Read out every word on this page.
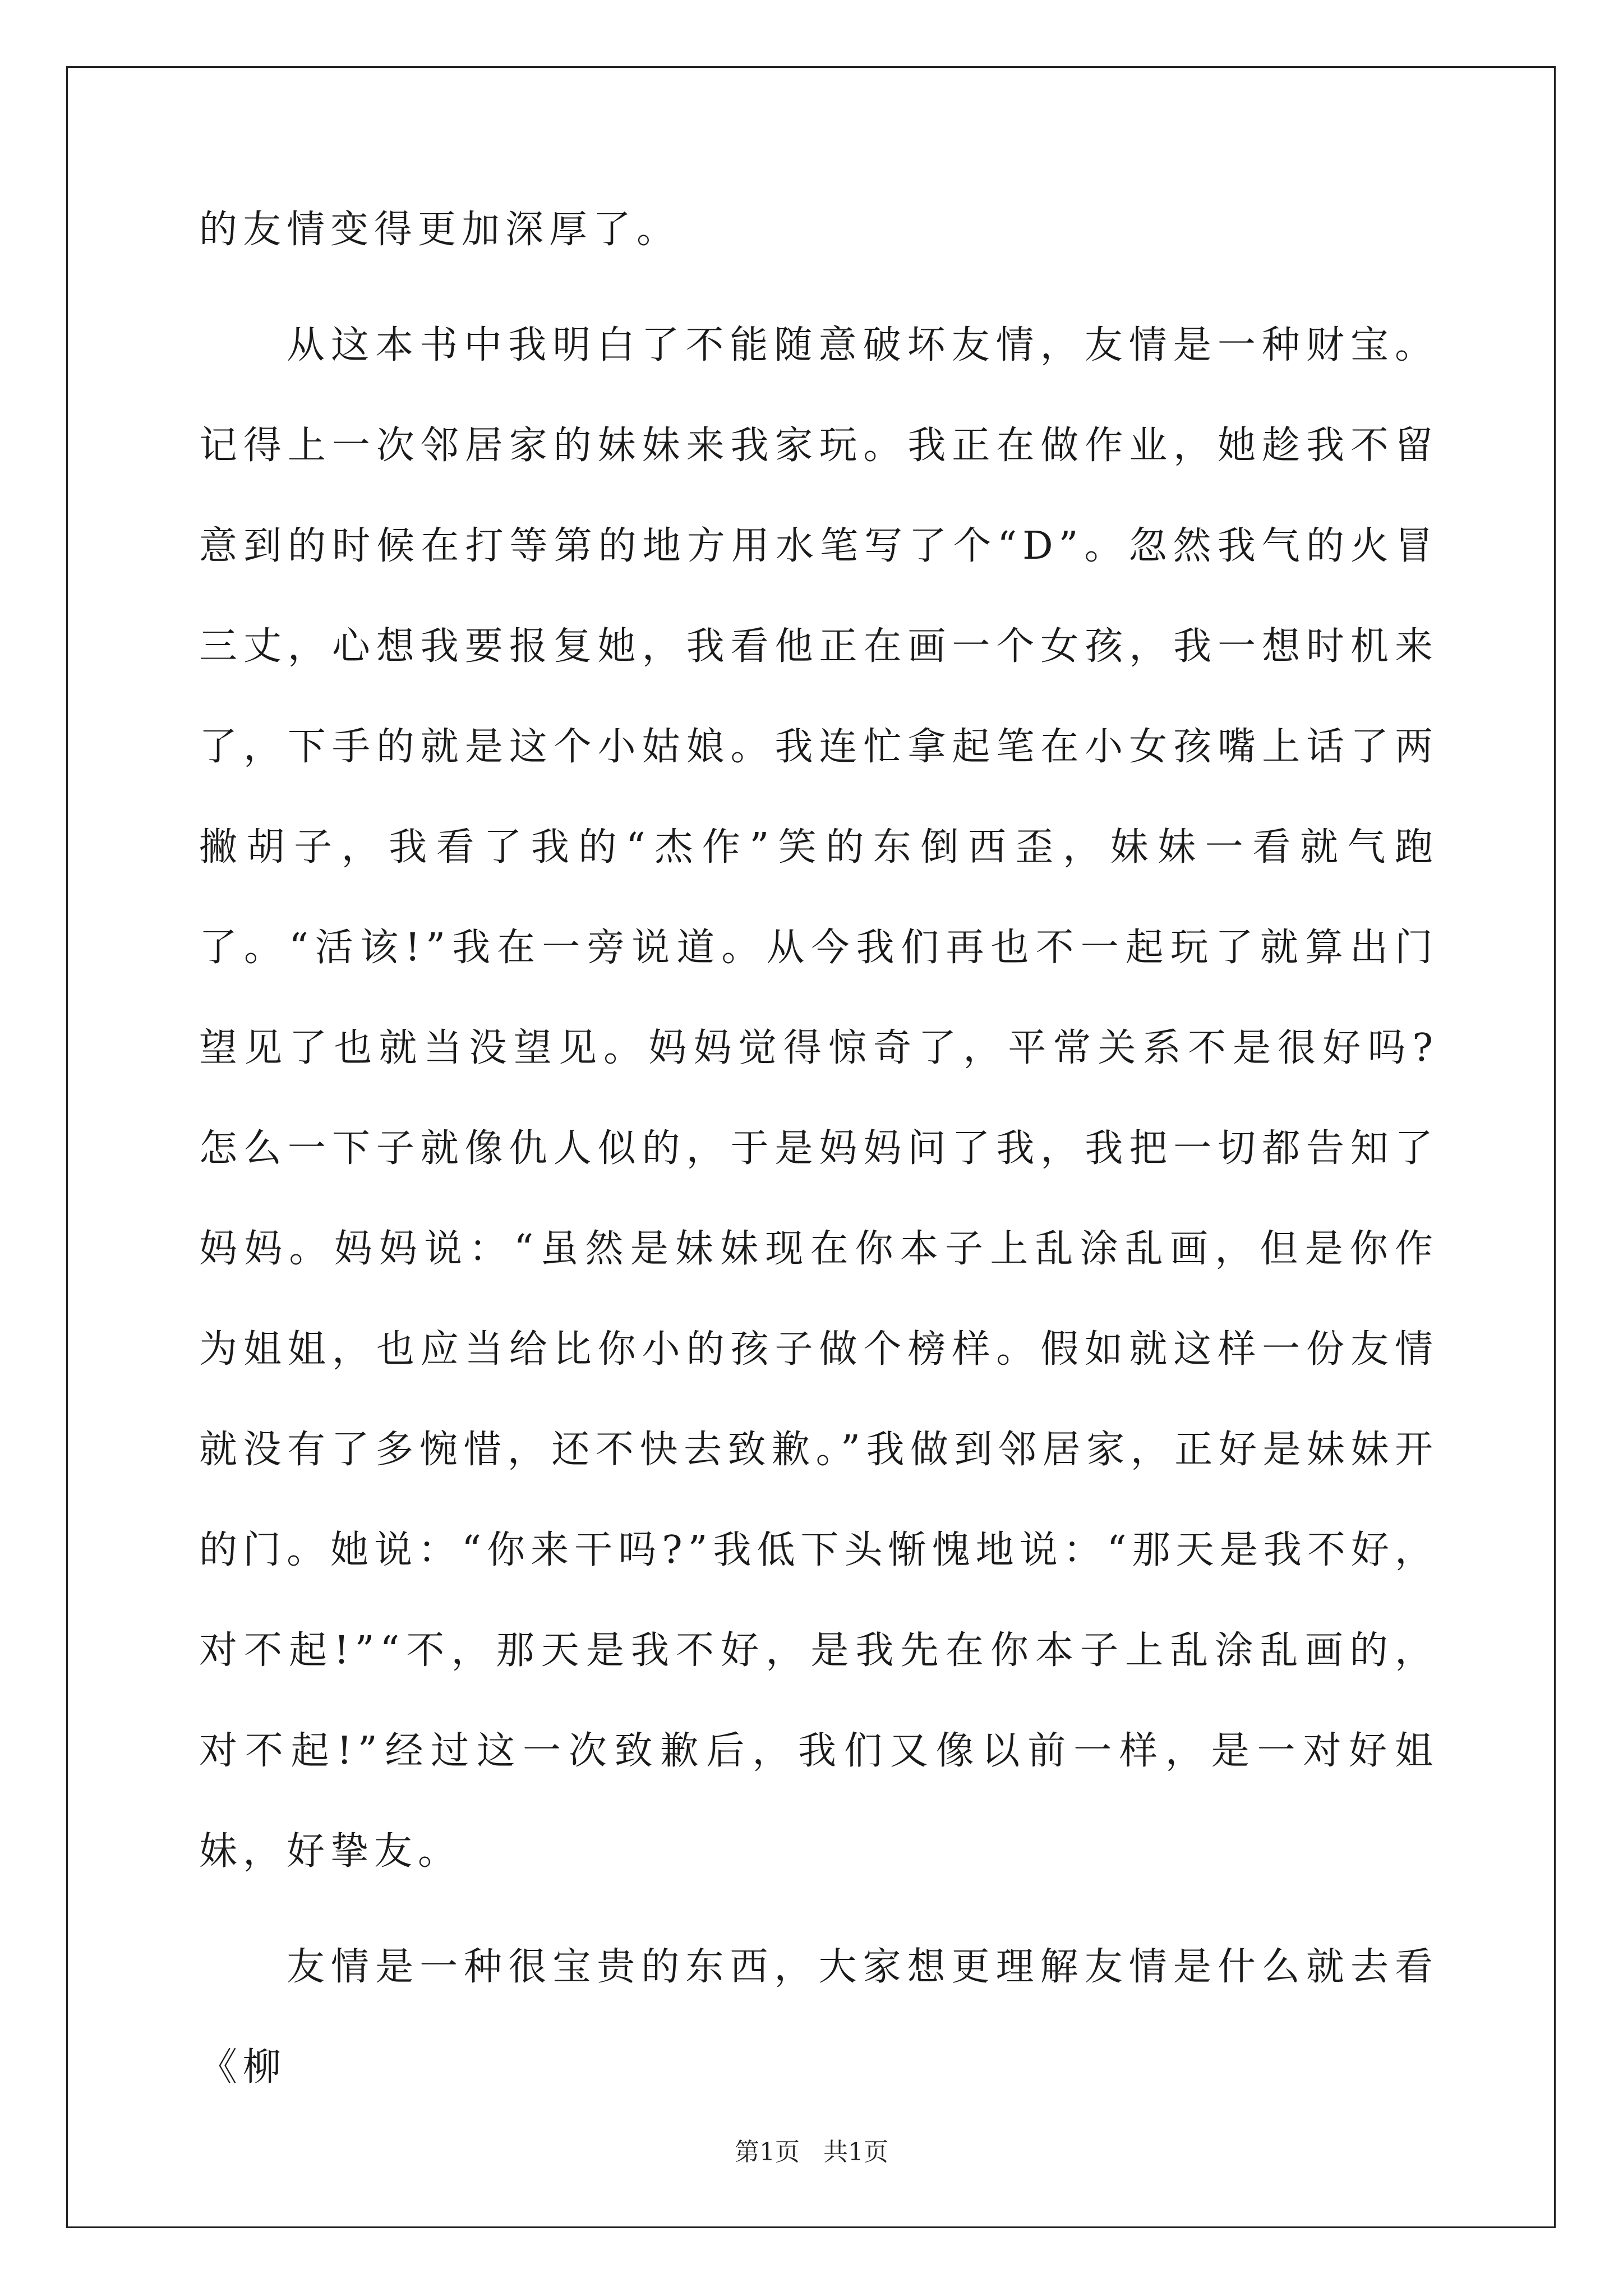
的友情变得更加深厚了。

从这本书中我明白了不能随意破坏友情，友情是一种财宝。记得上一次邻居家的妹妹来我家玩。我正在做作业，她趁我不留意到的时候在打等第的地方用水笔写了个“D”。忽然我气的火冒三丈，心想我要报复她，我看他正在画一个女孩，我一想时机来了，下手的就是这个小姑娘。我连忙拿起笔在小女孩嘴上话了两撇胡子，我看了我的“杰作”笑的东倒西歪，妹妹一看就气跑了。“活该!”我在一旁说道。从今我们再也不一起玩了就算出门望见了也就当没望见。妈妈觉得惊奇了，平常关系不是很好吗?怎么一下子就像仇人似的，于是妈妈问了我，我把一切都告知了妈妈。妈妈说：“虽然是妹妹现在你本子上乱涂乱画，但是你作为姐姐，也应当给比你小的孩子做个榜样。假如就这样一份友情就没有了多惋惜，还不快去致歉。”我做到邻居家，正好是妹妹开的门。她说：“你来干吗?”我低下头惭愧地说：“那天是我不好，对不起!”“不，那天是我不好，是我先在你本子上乱涂乱画的，对不起!”经过这一次致歉后，我们又像以前一样，是一对好姐妹，好挚友。

友情是一种很宝贵的东西，大家想更理解友情是什么就去看《柳

第1页   共1页
